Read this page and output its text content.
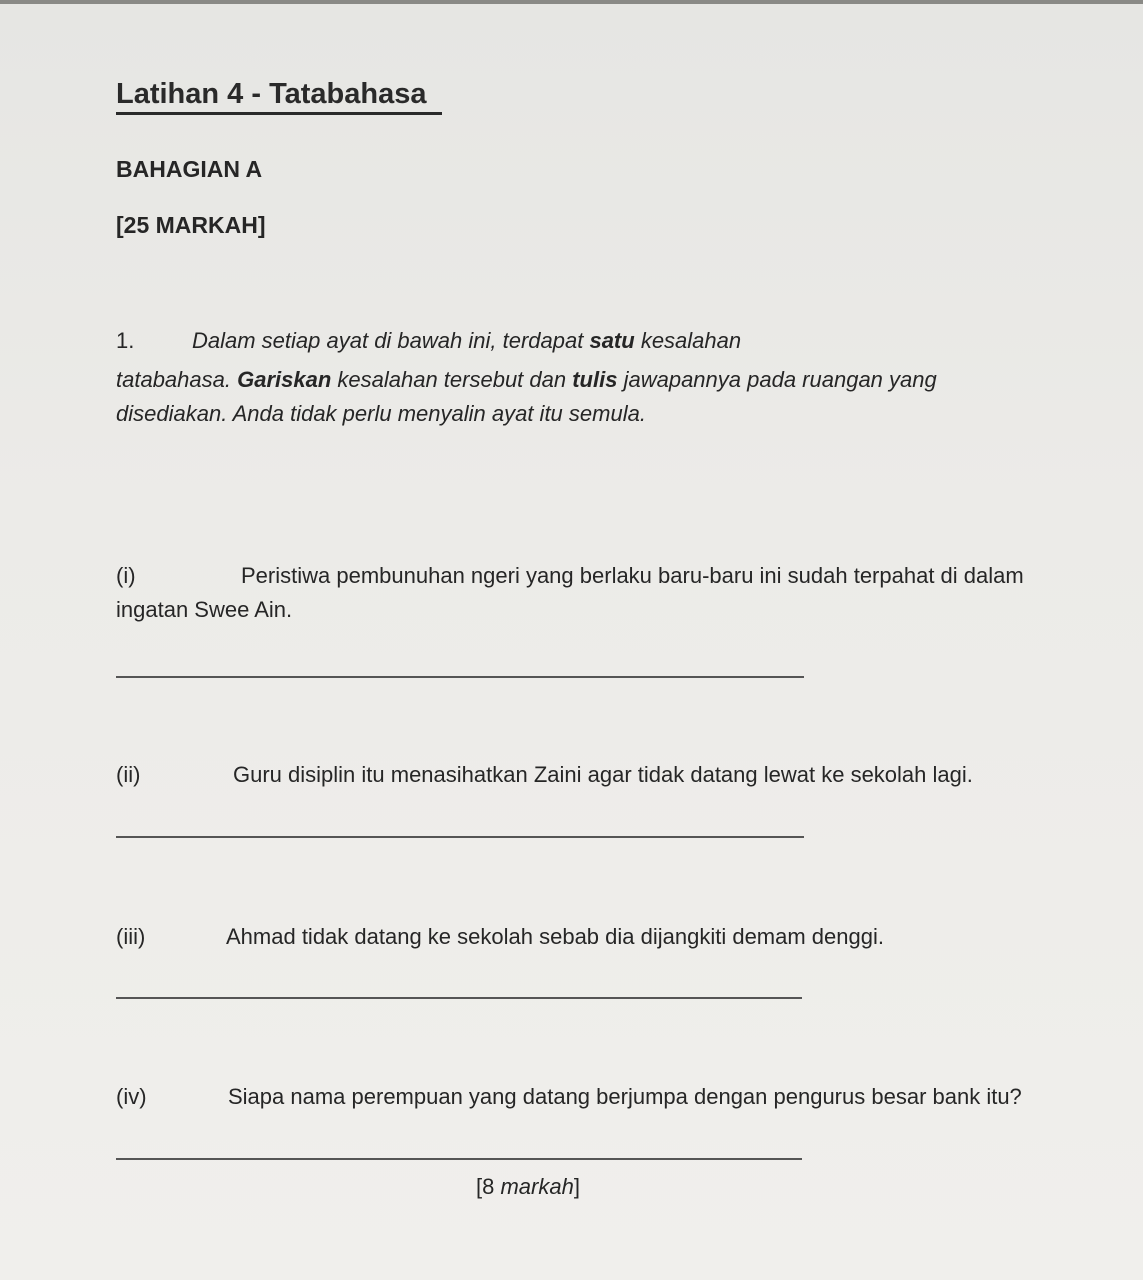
Latihan 4 - Tatabahasa
BAHAGIAN A
[25 MARKAH]
1.	Dalam setiap ayat di bawah ini, terdapat satu kesalahan
tatabahasa. Gariskan kesalahan tersebut dan tulis jawapannya pada ruangan yang
disediakan. Anda tidak perlu menyalin ayat itu semula.
(i)	Peristiwa pembunuhan ngeri yang berlaku baru-baru ini sudah terpahat di dalam
ingatan Swee Ain.
(ii)	Guru disiplin itu menasihatkan Zaini agar tidak datang lewat ke sekolah lagi.
(iii)	Ahmad tidak datang ke sekolah sebab dia dijangkiti demam denggi.
(iv)	Siapa nama perempuan yang datang berjumpa dengan pengurus besar bank itu?
[8 markah]
